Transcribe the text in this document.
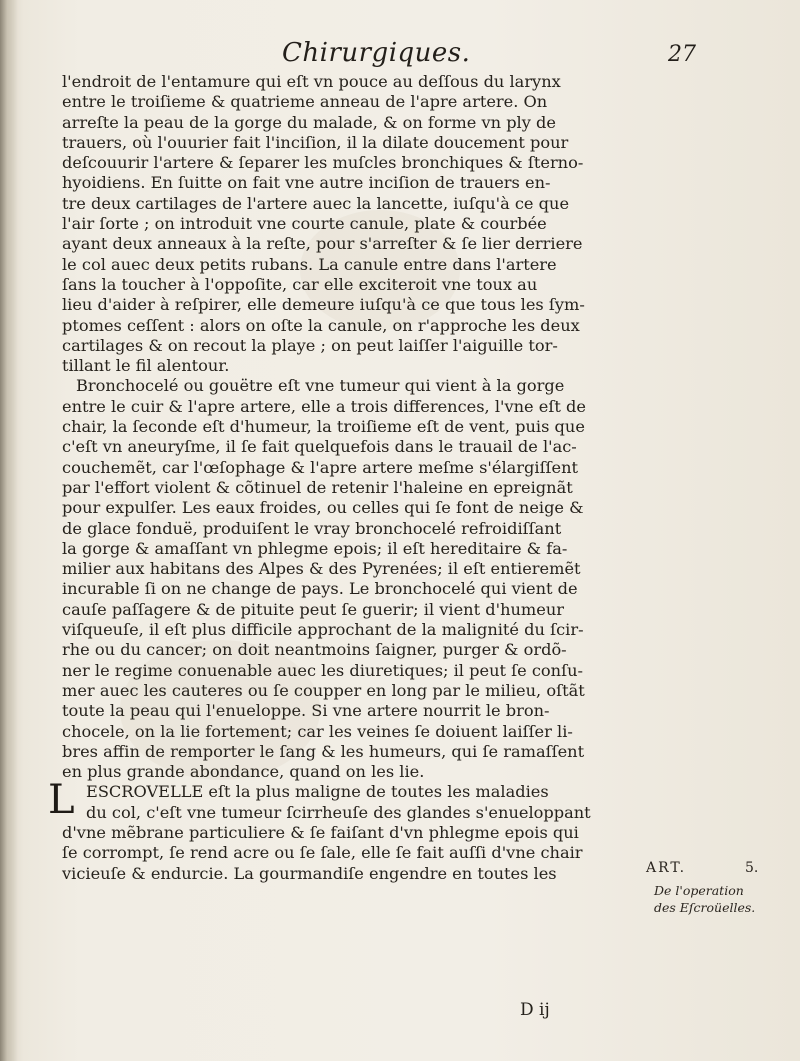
Chirurgiques.	27
l'endroit de l'entamure qui eſt vn pouce au deſſous du larynx
entre le troiſieme & quatrieme anneau de l'apre artere. On
arreſte la peau de la gorge du malade, & on forme vn ply de
trauers, où l'ouurier fait l'inciſion, il la dilate doucement pour
deſcouurir l'artere & ſeparer les muſcles bronchiques & ſterno-
hyoidiens. En ſuitte on fait vne autre inciſion de trauers en-
tre deux cartilages de l'artere auec la lancette, iuſqu'à ce que
l'air ſorte ; on introduit vne courte canule, plate & courbée
ayant deux anneaux à la reſte, pour s'arreſter & ſe lier derriere
le col auec deux petits rubans. La canule entre dans l'artere
ſans la toucher à l'oppoſite, car elle exciteroit vne toux au
lieu d'aider à reſpirer, elle demeure iuſqu'à ce que tous les ſym-
ptomes ceſſent : alors on oſte la canule, on r'approche les deux
cartilages & on recout la playe ; on peut laiſſer l'aiguille tor-
tillant le fil alentour.
Bronchocelé ou gouëtre eſt vne tumeur qui vient à la gorge
entre le cuir & l'apre artere, elle a trois differences, l'vne eſt de
chair, la ſeconde eſt d'humeur, la troiſieme eſt de vent, puis que
c'eſt vn aneuryſme, il ſe fait quelquefois dans le trauail de l'ac-
couchemẽt, car l'œſophage & l'apre artere meſme s'élargiſſent
par l'effort violent & cõtinuel de retenir l'haleine en epreignãt
pour expulſer. Les eaux froides, ou celles qui ſe font de neige &
de glace fonduë, produiſent le vray bronchocelé refroidiſſant
la gorge & amaſſant vn phlegme epois; il eſt hereditaire & fa-
milier aux habitans des Alpes & des Pyrenées; il eſt entieremẽt
incurable ſi on ne change de pays. Le bronchocelé qui vient de
cauſe paſſagere & de pituite peut ſe guerir; il vient d'humeur
viſqueuſe, il eſt plus difficile approchant de la malignité du ſcir-
rhe ou du cancer; on doit neantmoins ſaigner, purger & ordõ-
ner le regime conuenable auec les diuretiques; il peut ſe conſu-
mer auec les cauteres ou ſe coupper en long par le milieu, oſtãt
toute la peau qui l'enueloppe. Si vne artere nourrit le bron-
chocele, on la lie fortement; car les veines ſe doiuent laiſſer li-
bres affin de remporter le ſang & les humeurs, qui ſe ramaſſent
en plus grande abondance, quand on les lie.
L ESCROVELLE eſt la plus maligne de toutes les maladies
du col, c'eſt vne tumeur ſcirrheuſe des glandes s'enueloppant
d'vne mẽbrane particuliere & ſe faiſant d'vn phlegme epois qui
ſe corrompt, ſe rend acre ou ſe ſale, elle ſe fait auſſi d'vne chair
vicieuſe & endurcie. La gourmandiſe engendre en toutes les	ART.	5.
De l'operation
des Eſcroüelles.
D ij
